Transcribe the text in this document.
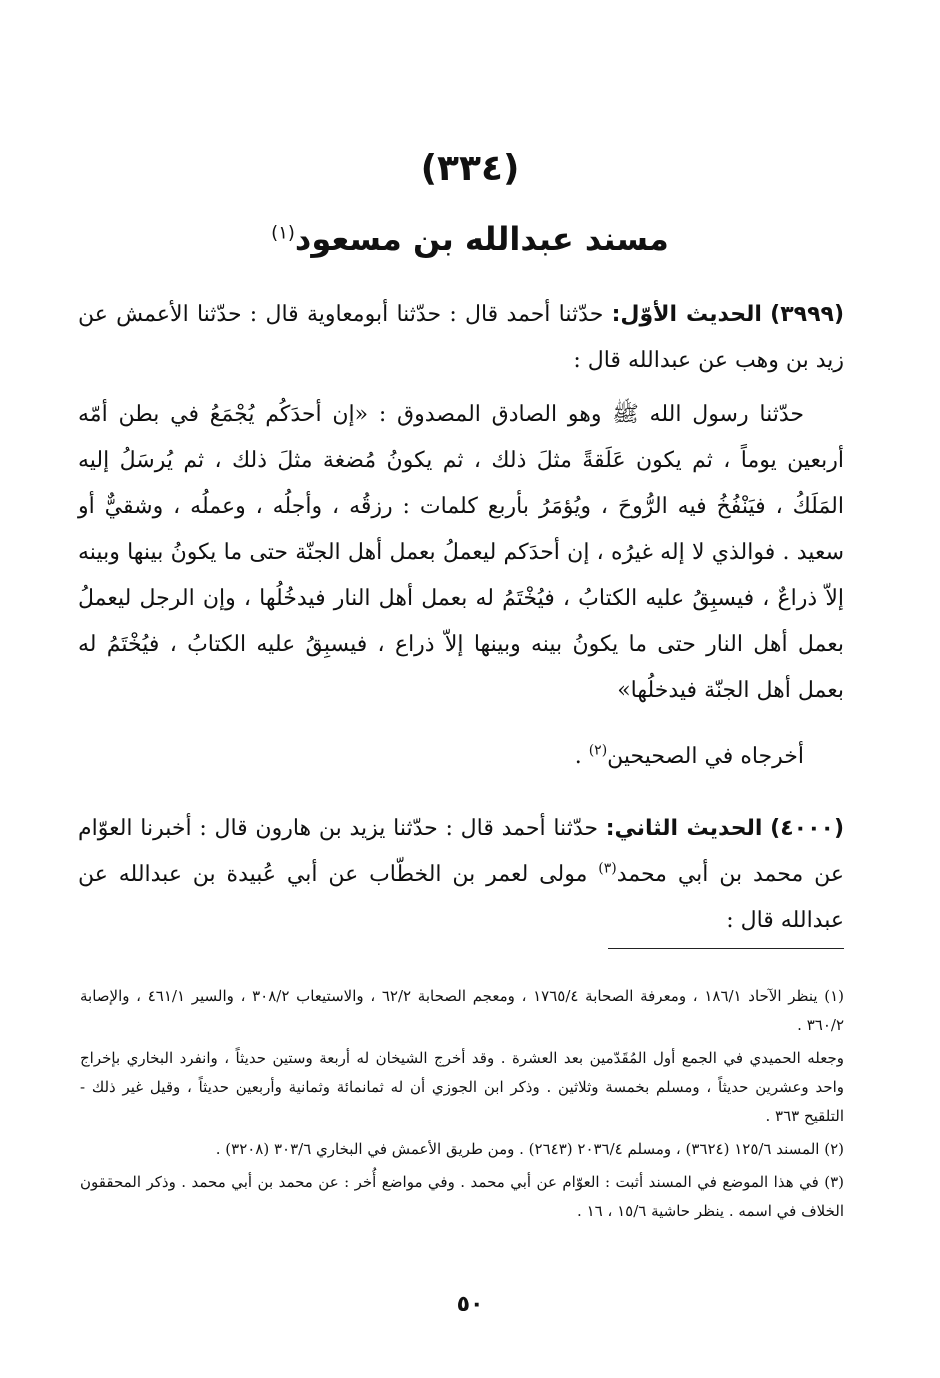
(٣٣٤)
مسند عبدالله بن مسعود$^{(١)}$
(٣٩٩٩) الحديث الأوّل: حدّثنا أحمد قال : حدّثنا أبومعاوية قال : حدّثنا الأعمش عن زيد بن وهب عن عبدالله قال :
حدّثنا رسول الله ﷺ وهو الصادق المصدوق : «إن أحدَكُم يُجْمَعُ في بطن أمّه أربعين يوماً ، ثم يكون عَلَقةً مثلَ ذلك ، ثم يكونُ مُضغة مثلَ ذلك ، ثم يُرسَلُ إليه المَلَكُ ، فيَنْفُخُ فيه الرُّوحَ ، ويُؤمَرُ بأربع كلمات : رزقُه ، وأجلُه ، وعملُه ، وشقيٌّ أو سعيد . فوالذي لا إله غيرُه ، إن أحدَكم ليعملُ بعمل أهل الجنّة حتى ما يكونُ بينها وبينه إلاّ ذراعٌ ، فيسبِقُ عليه الكتابُ ، فيُخْتَمُ له بعمل أهل النار فيدخُلُها ، وإن الرجل ليعملُ بعمل أهل النار حتى ما يكونُ بينه وبينها إلاّ ذراع ، فيسبِقُ عليه الكتابُ ، فيُخْتَمُ له بعمل أهل الجنّة فيدخلُها»
أخرجاه في الصحيحين$^{(٢)}$ .
(٤٠٠٠) الحديث الثاني: حدّثنا أحمد قال : حدّثنا يزيد بن هارون قال : أخبرنا العوّام عن محمد بن أبي محمد$^{(٣)}$ مولى لعمر بن الخطّاب عن أبي عُبيدة بن عبدالله عن عبدالله قال :

(١) ينظر الآحاد ١٨٦/١ ، ومعرفة الصحابة ١٧٦٥/٤ ، ومعجم الصحابة ٦٢/٢ ، والاستيعاب ٣٠٨/٢ ، والسير ٤٦١/١ ، والإصابة ٣٦٠/٢ .

وجعله الحميدي في الجمع أول المُقَدّمين بعد العشرة . وقد أخرج الشيخان له أربعة وستين حديثاً ، وانفرد البخاري بإخراج واحد وعشرين حديثاً ، ومسلم بخمسة وثلاثين . وذكر ابن الجوزي أن له ثمانمائة وثمانية وأربعين حديثاً ، وقيل غير ذلك - التلقيح ٣٦٣ .

(٢) المسند ١٢٥/٦ (٣٦٢٤) ، ومسلم ٢٠٣٦/٤ (٢٦٤٣) . ومن طريق الأعمش في البخاري ٣٠٣/٦ (٣٢٠٨) .

(٣) في هذا الموضع في المسند أثبت : العوّام عن أبي محمد . وفي مواضع أُخر : عن محمد بن أبي محمد . وذكر المحققون الخلاف في اسمه . ينظر حاشية ١٥/٦ ، ١٦ .

٥٠
